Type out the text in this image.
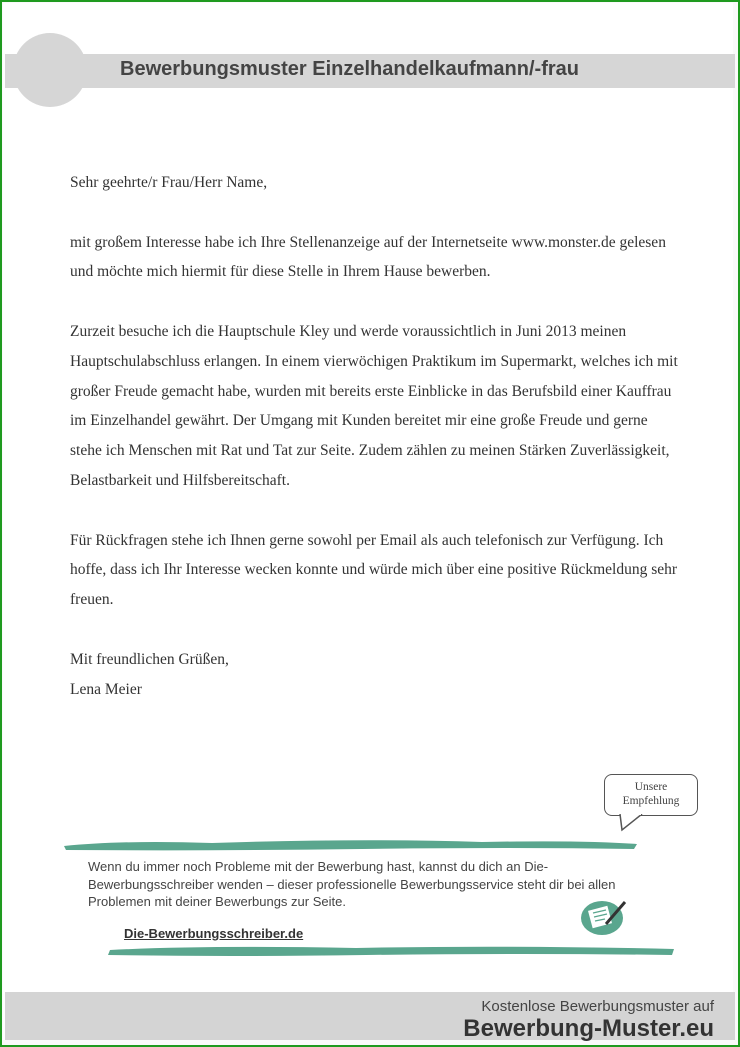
Bewerbungsmuster Einzelhandelkaufmann/-frau

Sehr geehrte/r Frau/Herr Name,

mit großem Interesse habe ich Ihre Stellenanzeige auf der Internetseite www.monster.de gelesen und möchte mich hiermit für diese Stelle in Ihrem Hause bewerben.

Zurzeit besuche ich die Hauptschule Kley und werde voraussichtlich in Juni 2013 meinen Hauptschulabschluss erlangen. In einem vierwöchigen Praktikum im Supermarkt, welches ich mit großer Freude gemacht habe, wurden mit bereits erste Einblicke in das Berufsbild einer Kauffrau im Einzelhandel gewährt. Der Umgang mit Kunden bereitet mir eine große Freude und gerne stehe ich Menschen mit Rat und Tat zur Seite. Zudem zählen zu meinen Stärken Zuverlässigkeit, Belastbarkeit und Hilfsbereitschaft.

Für Rückfragen stehe ich Ihnen gerne sowohl per Email als auch telefonisch zur Verfügung. Ich hoffe, dass ich Ihr Interesse wecken konnte und würde mich über eine positive Rückmeldung sehr freuen.

Mit freundlichen Grüßen,

Lena Meier

Unsere
Empfehlung
Wenn du immer noch Probleme mit der Bewerbung hast, kannst du dich an Die-Bewerbungsschreiber wenden – dieser professionelle Bewerbungsservice steht dir bei allen Problemen mit deiner Bewerbungs zur Seite.
Die-Bewerbungsschreiber.de
Kostenlose Bewerbungsmuster auf
Bewerbung-Muster.eu
